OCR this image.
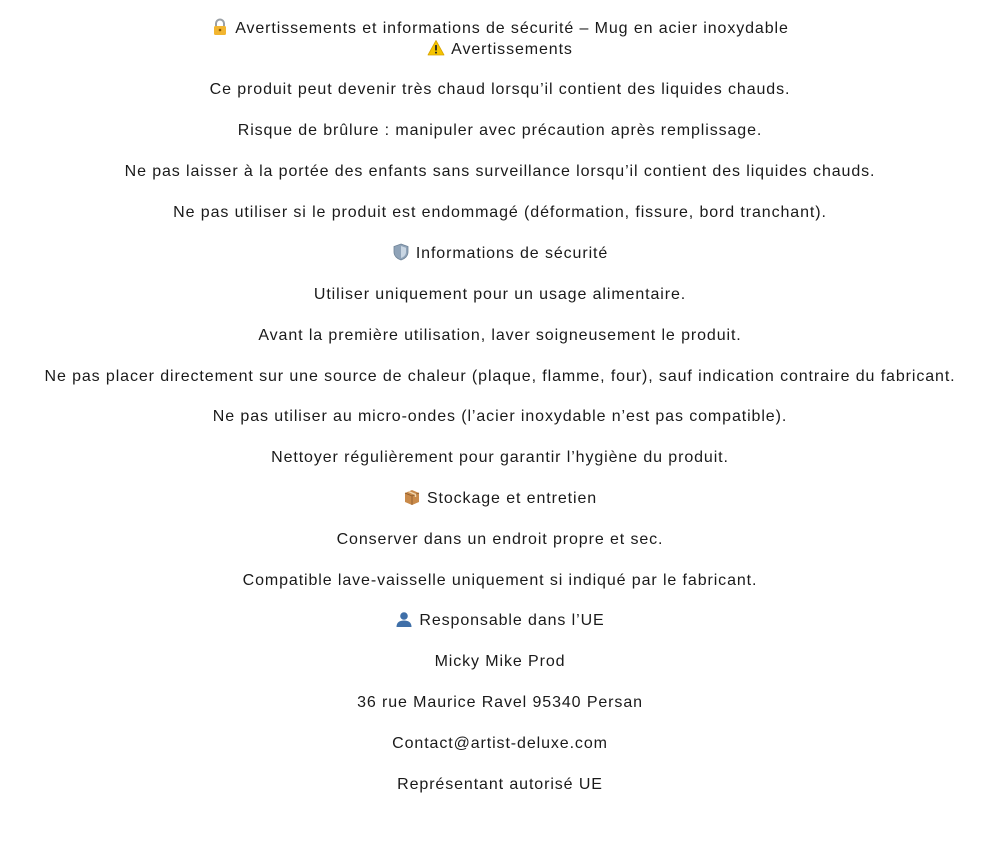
Avertissements et informations de sécurité – Mug en acier inoxydable
Avertissements
Ce produit peut devenir très chaud lorsqu’il contient des liquides chauds.
Risque de brûlure : manipuler avec précaution après remplissage.
Ne pas laisser à la portée des enfants sans surveillance lorsqu’il contient des liquides chauds.
Ne pas utiliser si le produit est endommagé (déformation, fissure, bord tranchant).
Informations de sécurité
Utiliser uniquement pour un usage alimentaire.
Avant la première utilisation, laver soigneusement le produit.
Ne pas placer directement sur une source de chaleur (plaque, flamme, four), sauf indication contraire du fabricant.
Ne pas utiliser au micro-ondes (l’acier inoxydable n’est pas compatible).
Nettoyer régulièrement pour garantir l’hygiène du produit.
Stockage et entretien
Conserver dans un endroit propre et sec.
Compatible lave-vaisselle uniquement si indiqué par le fabricant.
Responsable dans l’UE
Micky Mike Prod
36 rue Maurice Ravel 95340 Persan
Contact@artist-deluxe.com
Représentant autorisé UE
